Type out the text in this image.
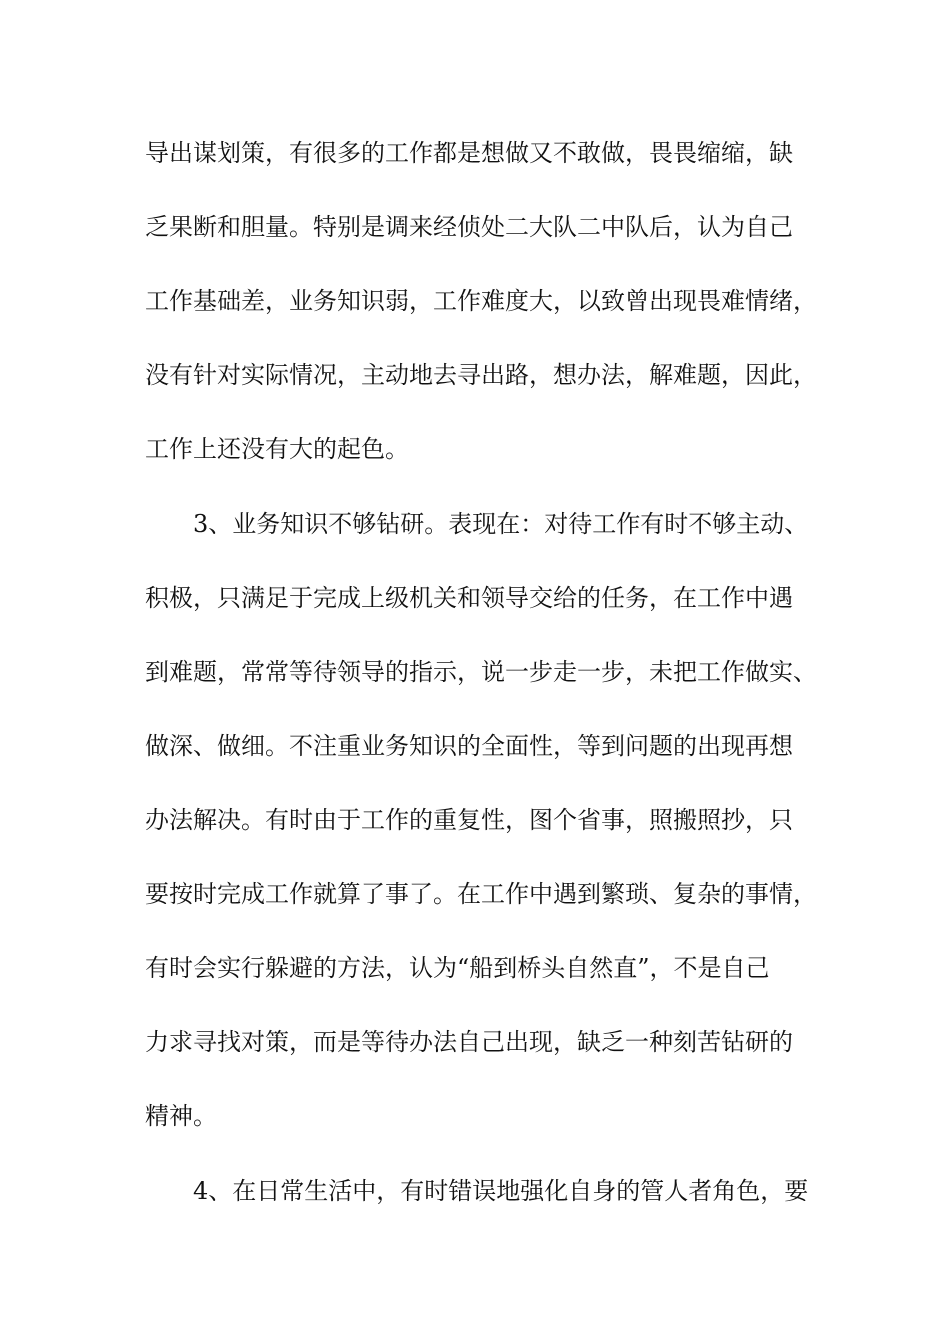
导出谋划策，有很多的工作都是想做又不敢做，畏畏缩缩，缺
乏果断和胆量。特别是调来经侦处二大队二中队后，认为自己
工作基础差，业务知识弱，工作难度大，以致曾出现畏难情绪，
没有针对实际情况，主动地去寻出路，想办法，解难题，因此，
工作上还没有大的起色。
3、业务知识不够钻研。表现在：对待工作有时不够主动、
积极，只满足于完成上级机关和领导交给的任务，在工作中遇
到难题，常常等待领导的指示，说一步走一步，未把工作做实、
做深、做细。不注重业务知识的全面性，等到问题的出现再想
办法解决。有时由于工作的重复性，图个省事，照搬照抄，只
要按时完成工作就算了事了。在工作中遇到繁琐、复杂的事情，
有时会实行躲避的方法，认为“船到桥头自然直”，不是自己
力求寻找对策，而是等待办法自己出现，缺乏一种刻苦钻研的
精神。
4、在日常生活中，有时错误地强化自身的管人者角色，要
